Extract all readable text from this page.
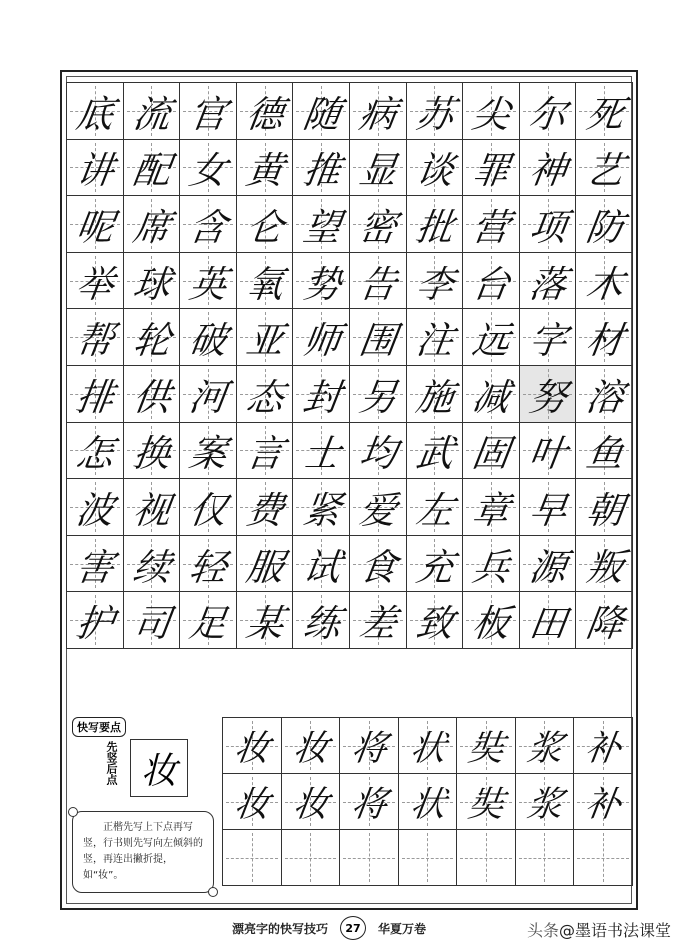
底 流 官 德 随 病 苏 尖 尔 死
讲 配 女 黄 推 显 谈 罪 神 艺
呢 席 含 仑 望 密 批 营 项 防
举 球 英 氧 势 告 李 台 落 木
帮 轮 破 亚 师 围 注 远 字 材
排 供 河 态 封 另 施 减 努 溶
怎 换 案 言 士 均 武 固 叶 鱼
波 视 仅 费 紧 爱 左 章 早 朝
害 续 轻 服 试 食 充 兵 源 叛
护 司 足 某 练 差 致 板 田 降
快写要点
先竖后点 妆
正楷先写上下点再写竖，行书则先写向左倾斜的竖，再连出撇折提，如“妆”。
妆 妆 将 状 奘 浆 补
妆 妆 将 状 奘 浆 补
漂亮字的快写技巧	27	华夏万卷	头条@墨语书法课堂
